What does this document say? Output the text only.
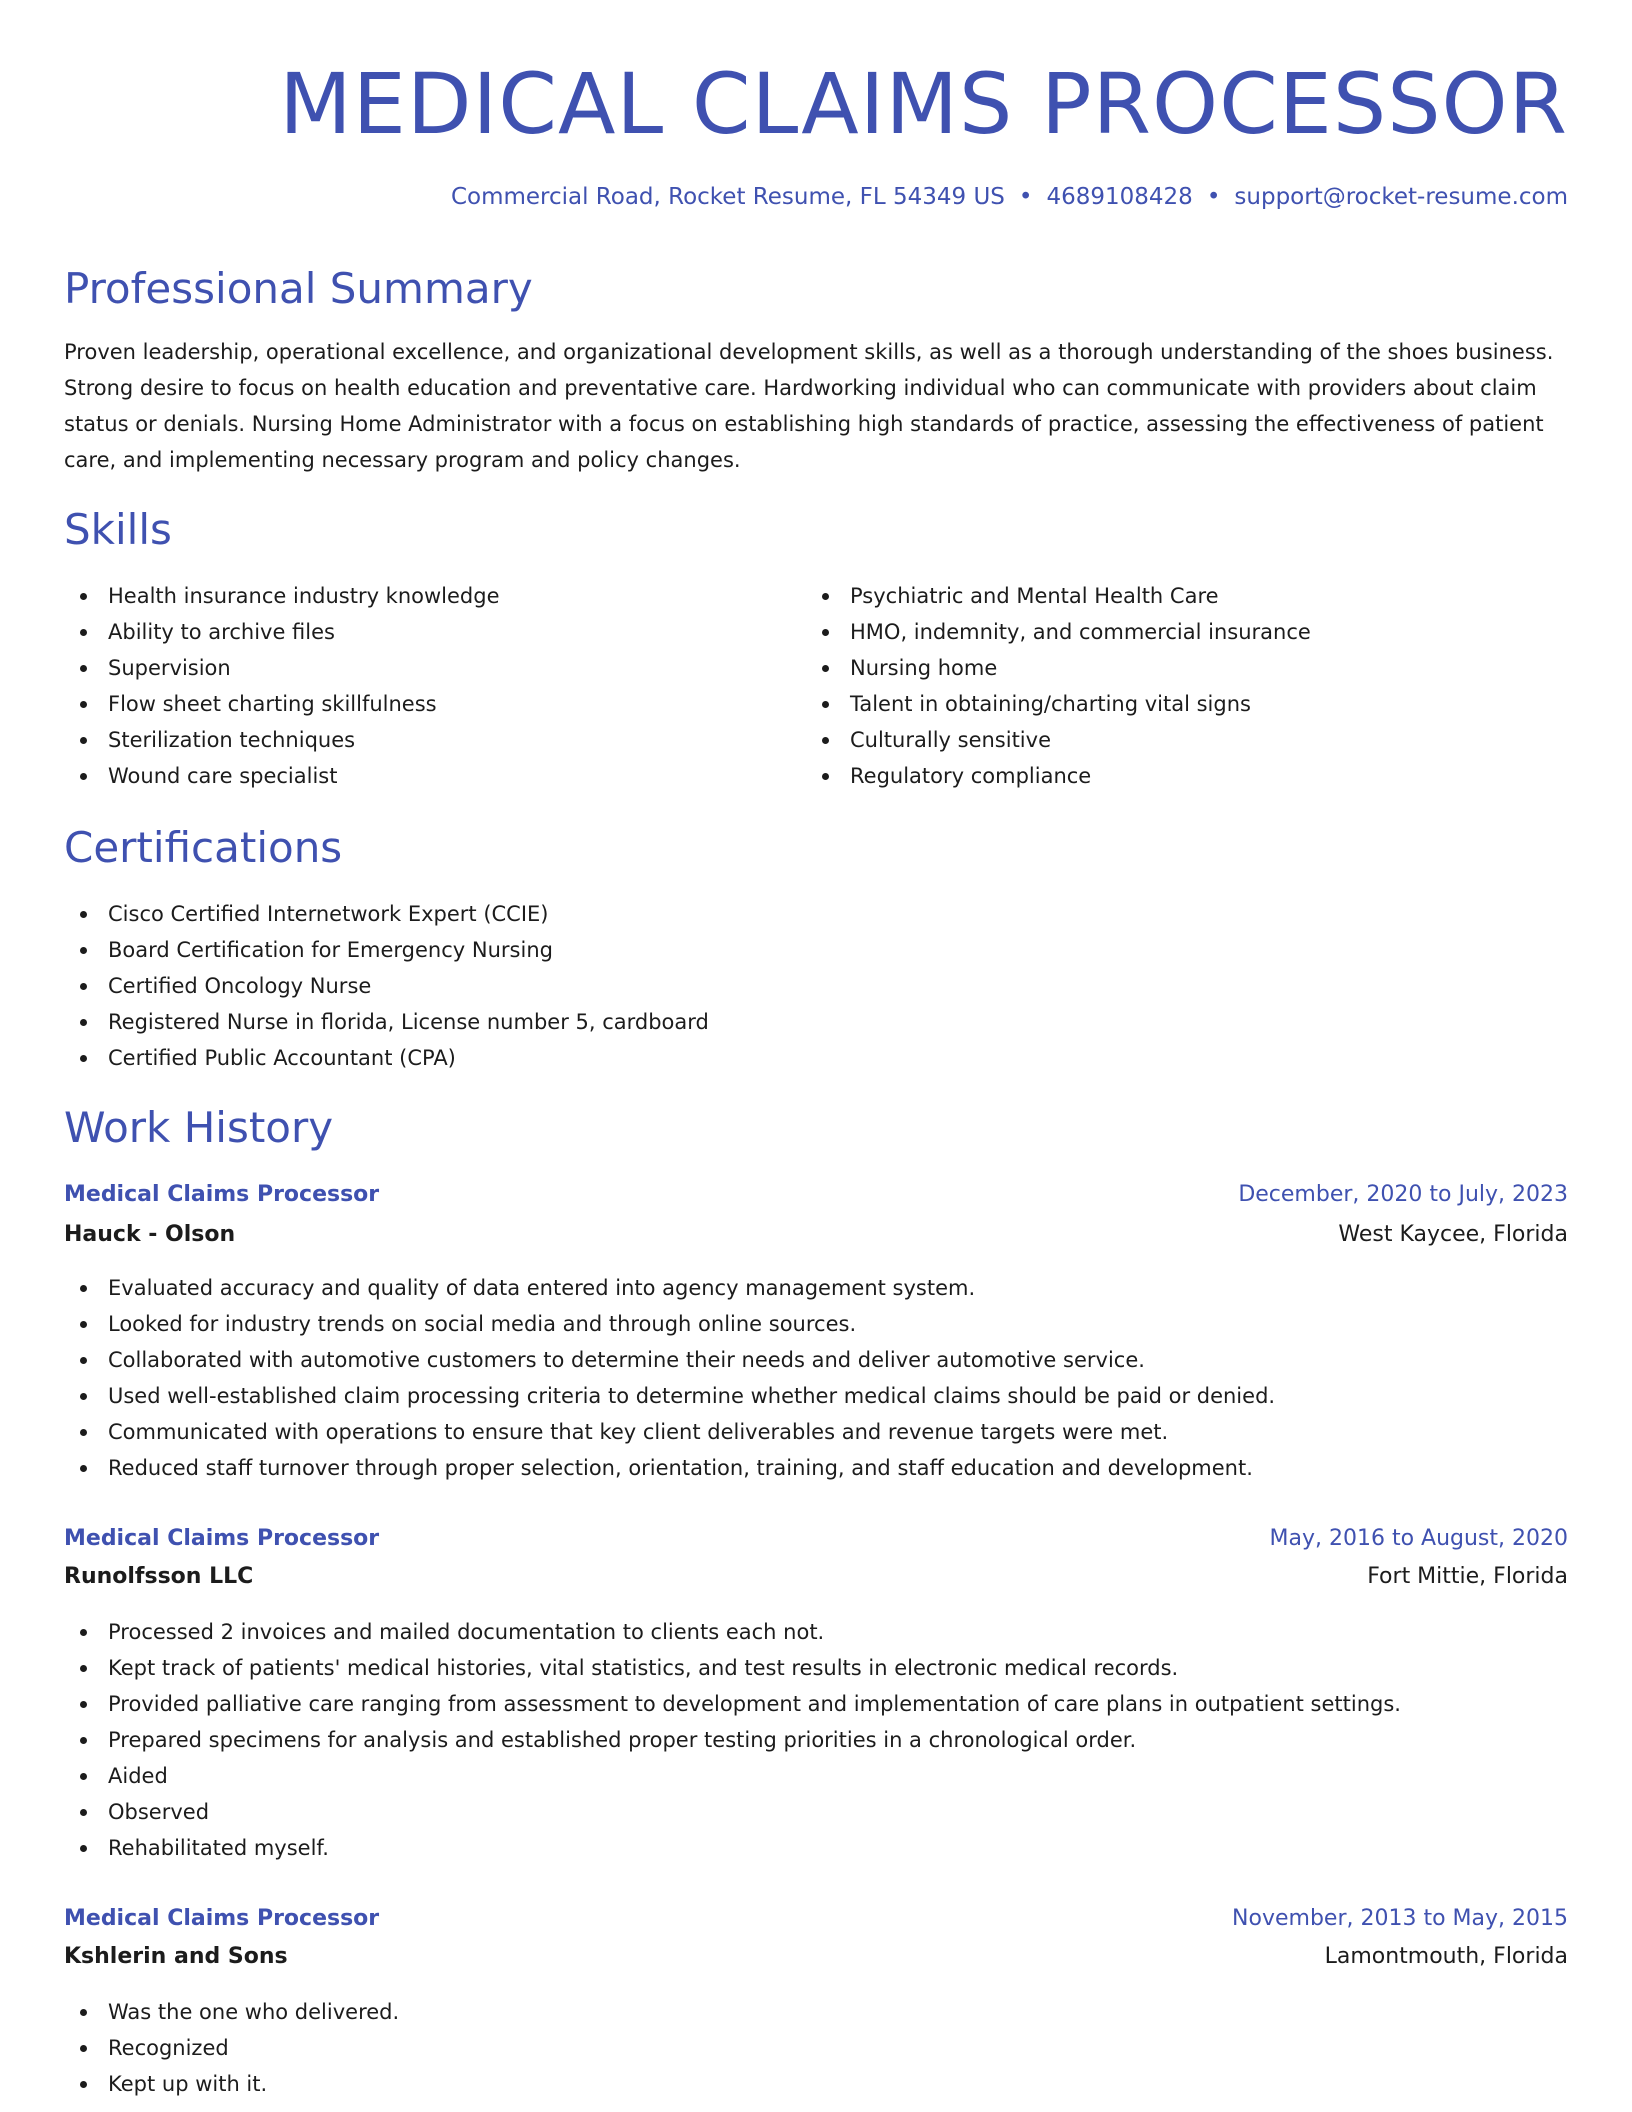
MEDICAL CLAIMS PROCESSOR
Commercial Road, Rocket Resume, FL 54349 US • 4689108428 • support@rocket-resume.com
Professional Summary

Proven leadership, operational excellence, and organizational development skills, as well as a thorough understanding of the shoes business. Strong desire to focus on health education and preventative care. Hardworking individual who can communicate with providers about claim status or denials. Nursing Home Administrator with a focus on establishing high standards of practice, assessing the effectiveness of patient care, and implementing necessary program and policy changes.

Skills
Health insurance industry knowledge
Ability to archive files
Supervision
Flow sheet charting skillfulness
Sterilization techniques
Wound care specialist
Psychiatric and Mental Health Care
HMO, indemnity, and commercial insurance
Nursing home
Talent in obtaining/charting vital signs
Culturally sensitive
Regulatory compliance
Certifications
Cisco Certified Internetwork Expert (CCIE)
Board Certification for Emergency Nursing
Certified Oncology Nurse
Registered Nurse in florida, License number 5, cardboard
Certified Public Accountant (CPA)
Work History
Medical Claims Processor	December, 2020 to July, 2023
Hauck - Olson	West Kaycee, Florida
Evaluated accuracy and quality of data entered into agency management system.
Looked for industry trends on social media and through online sources.
Collaborated with automotive customers to determine their needs and deliver automotive service.
Used well-established claim processing criteria to determine whether medical claims should be paid or denied.
Communicated with operations to ensure that key client deliverables and revenue targets were met.
Reduced staff turnover through proper selection, orientation, training, and staff education and development.
Medical Claims Processor	May, 2016 to August, 2020
Runolfsson LLC	Fort Mittie, Florida
Processed 2 invoices and mailed documentation to clients each not.
Kept track of patients' medical histories, vital statistics, and test results in electronic medical records.
Provided palliative care ranging from assessment to development and implementation of care plans in outpatient settings.
Prepared specimens for analysis and established proper testing priorities in a chronological order.
Aided
Observed
Rehabilitated myself.
Medical Claims Processor	November, 2013 to May, 2015
Kshlerin and Sons	Lamontmouth, Florida
Was the one who delivered.
Recognized
Kept up with it.
